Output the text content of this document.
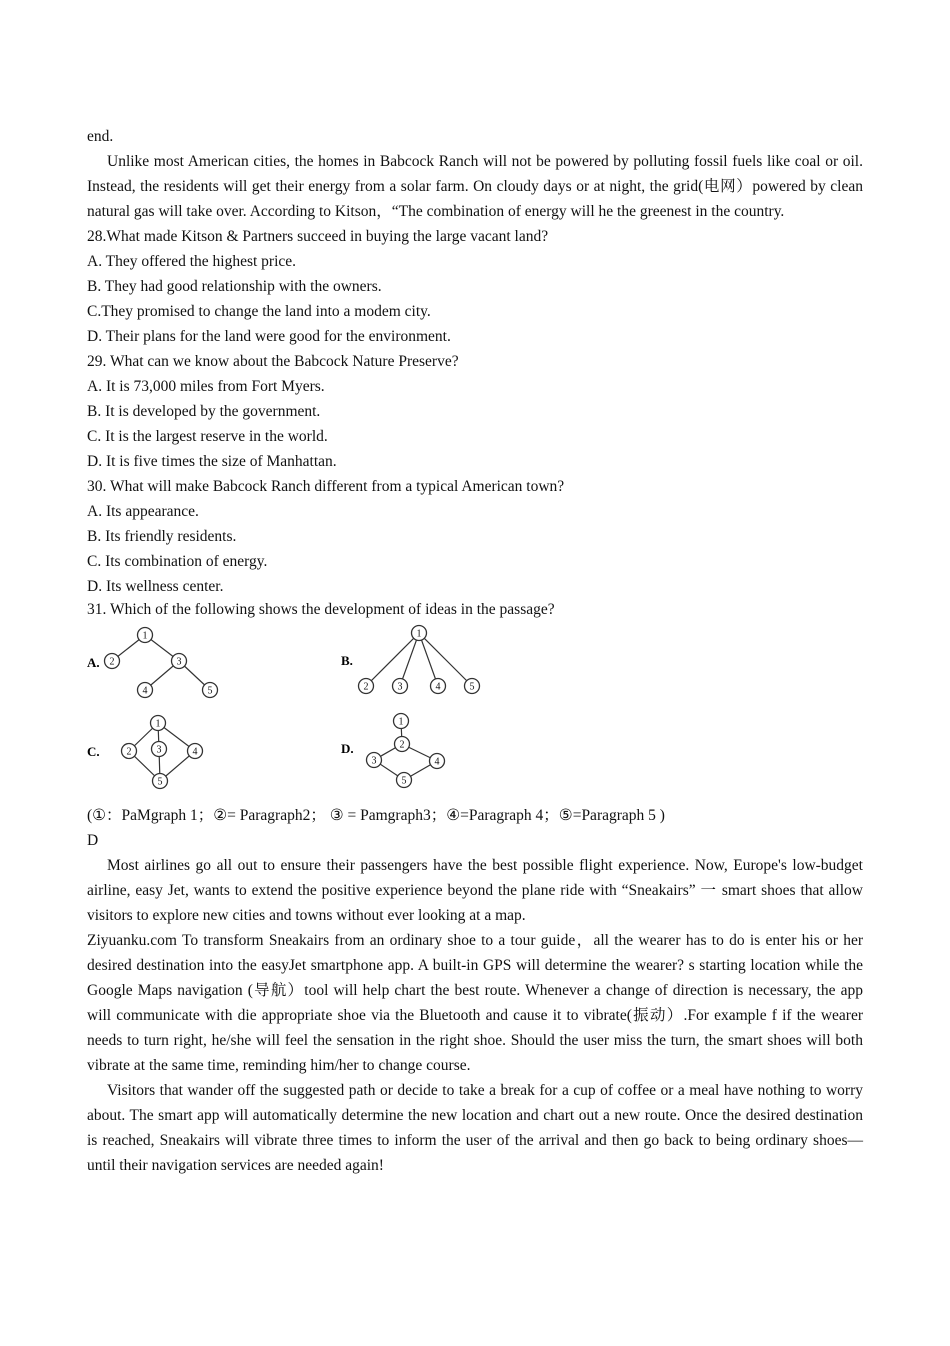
end.
Unlike most American cities, the homes in Babcock Ranch will not be powered by polluting fossil fuels like coal or oil. Instead, the residents will get their energy from a solar farm. On cloudy days or at night, the grid(电网）powered by clean natural gas will take over. According to Kitson，“The combination of energy will he the greenest in the country.
28.What made Kitson & Partners succeed in buying the large vacant land?
A. They offered the highest price.
B. They had good relationship with the owners.
C.They promised to change the land into a modem city.
D. Their plans for the land were good for the environment.
29. What can we know about the Babcock Nature Preserve?
A. It is 73,000 miles from Fort Myers.
B. It is developed by the government.
C. It is the largest reserve in the world.
D. It is five times the size of Manhattan.
30. What will make Babcock Ranch different from a typical American town?
A. Its appearance.
B. Its friendly residents.
C. Its combination of energy.
D. Its wellness center.
31. Which of the following shows the development of ideas in the passage?
A.	B.
C.	D.
1
2	3
4	5
1
2	3	4	5
1
2	3	4
5
1
2
3	4
5
(①：PaMgraph 1；②= Paragraph2； ③ = Pamgraph3；④=Paragraph 4；⑤=Paragraph 5 )
D
Most airlines go all out to ensure their passengers have the best possible flight experience. Now, Europe's low-budget airline, easy Jet, wants to extend the positive experience beyond the plane ride with “Sneakairs” 一 smart shoes that allow visitors to explore new cities and towns without ever looking at a map.
Ziyuanku.com To transform Sneakairs from an ordinary shoe to a tour guide，all the wearer has to do is enter his or her desired destination into the easyJet smartphone app. A built-in GPS will determine the wearer? s starting location while the Google Maps navigation (导航）tool will help chart the best route. Whenever a change of direction is necessary, the app will communicate with die appropriate shoe via the Bluetooth and cause it to vibrate(振动）.For example f if the wearer needs to turn right, he/she will feel the sensation in the right shoe. Should the user miss the turn, the smart shoes will both vibrate at the same time, reminding him/her to change course.
Visitors that wander off the suggested path or decide to take a break for a cup of coffee or a meal have nothing to worry about. The smart app will automatically determine the new location and chart out a new route. Once the desired destination is reached, Sneakairs will vibrate three times to inform the user of the arrival and then go back to being ordinary shoes—until their navigation services are needed again!
